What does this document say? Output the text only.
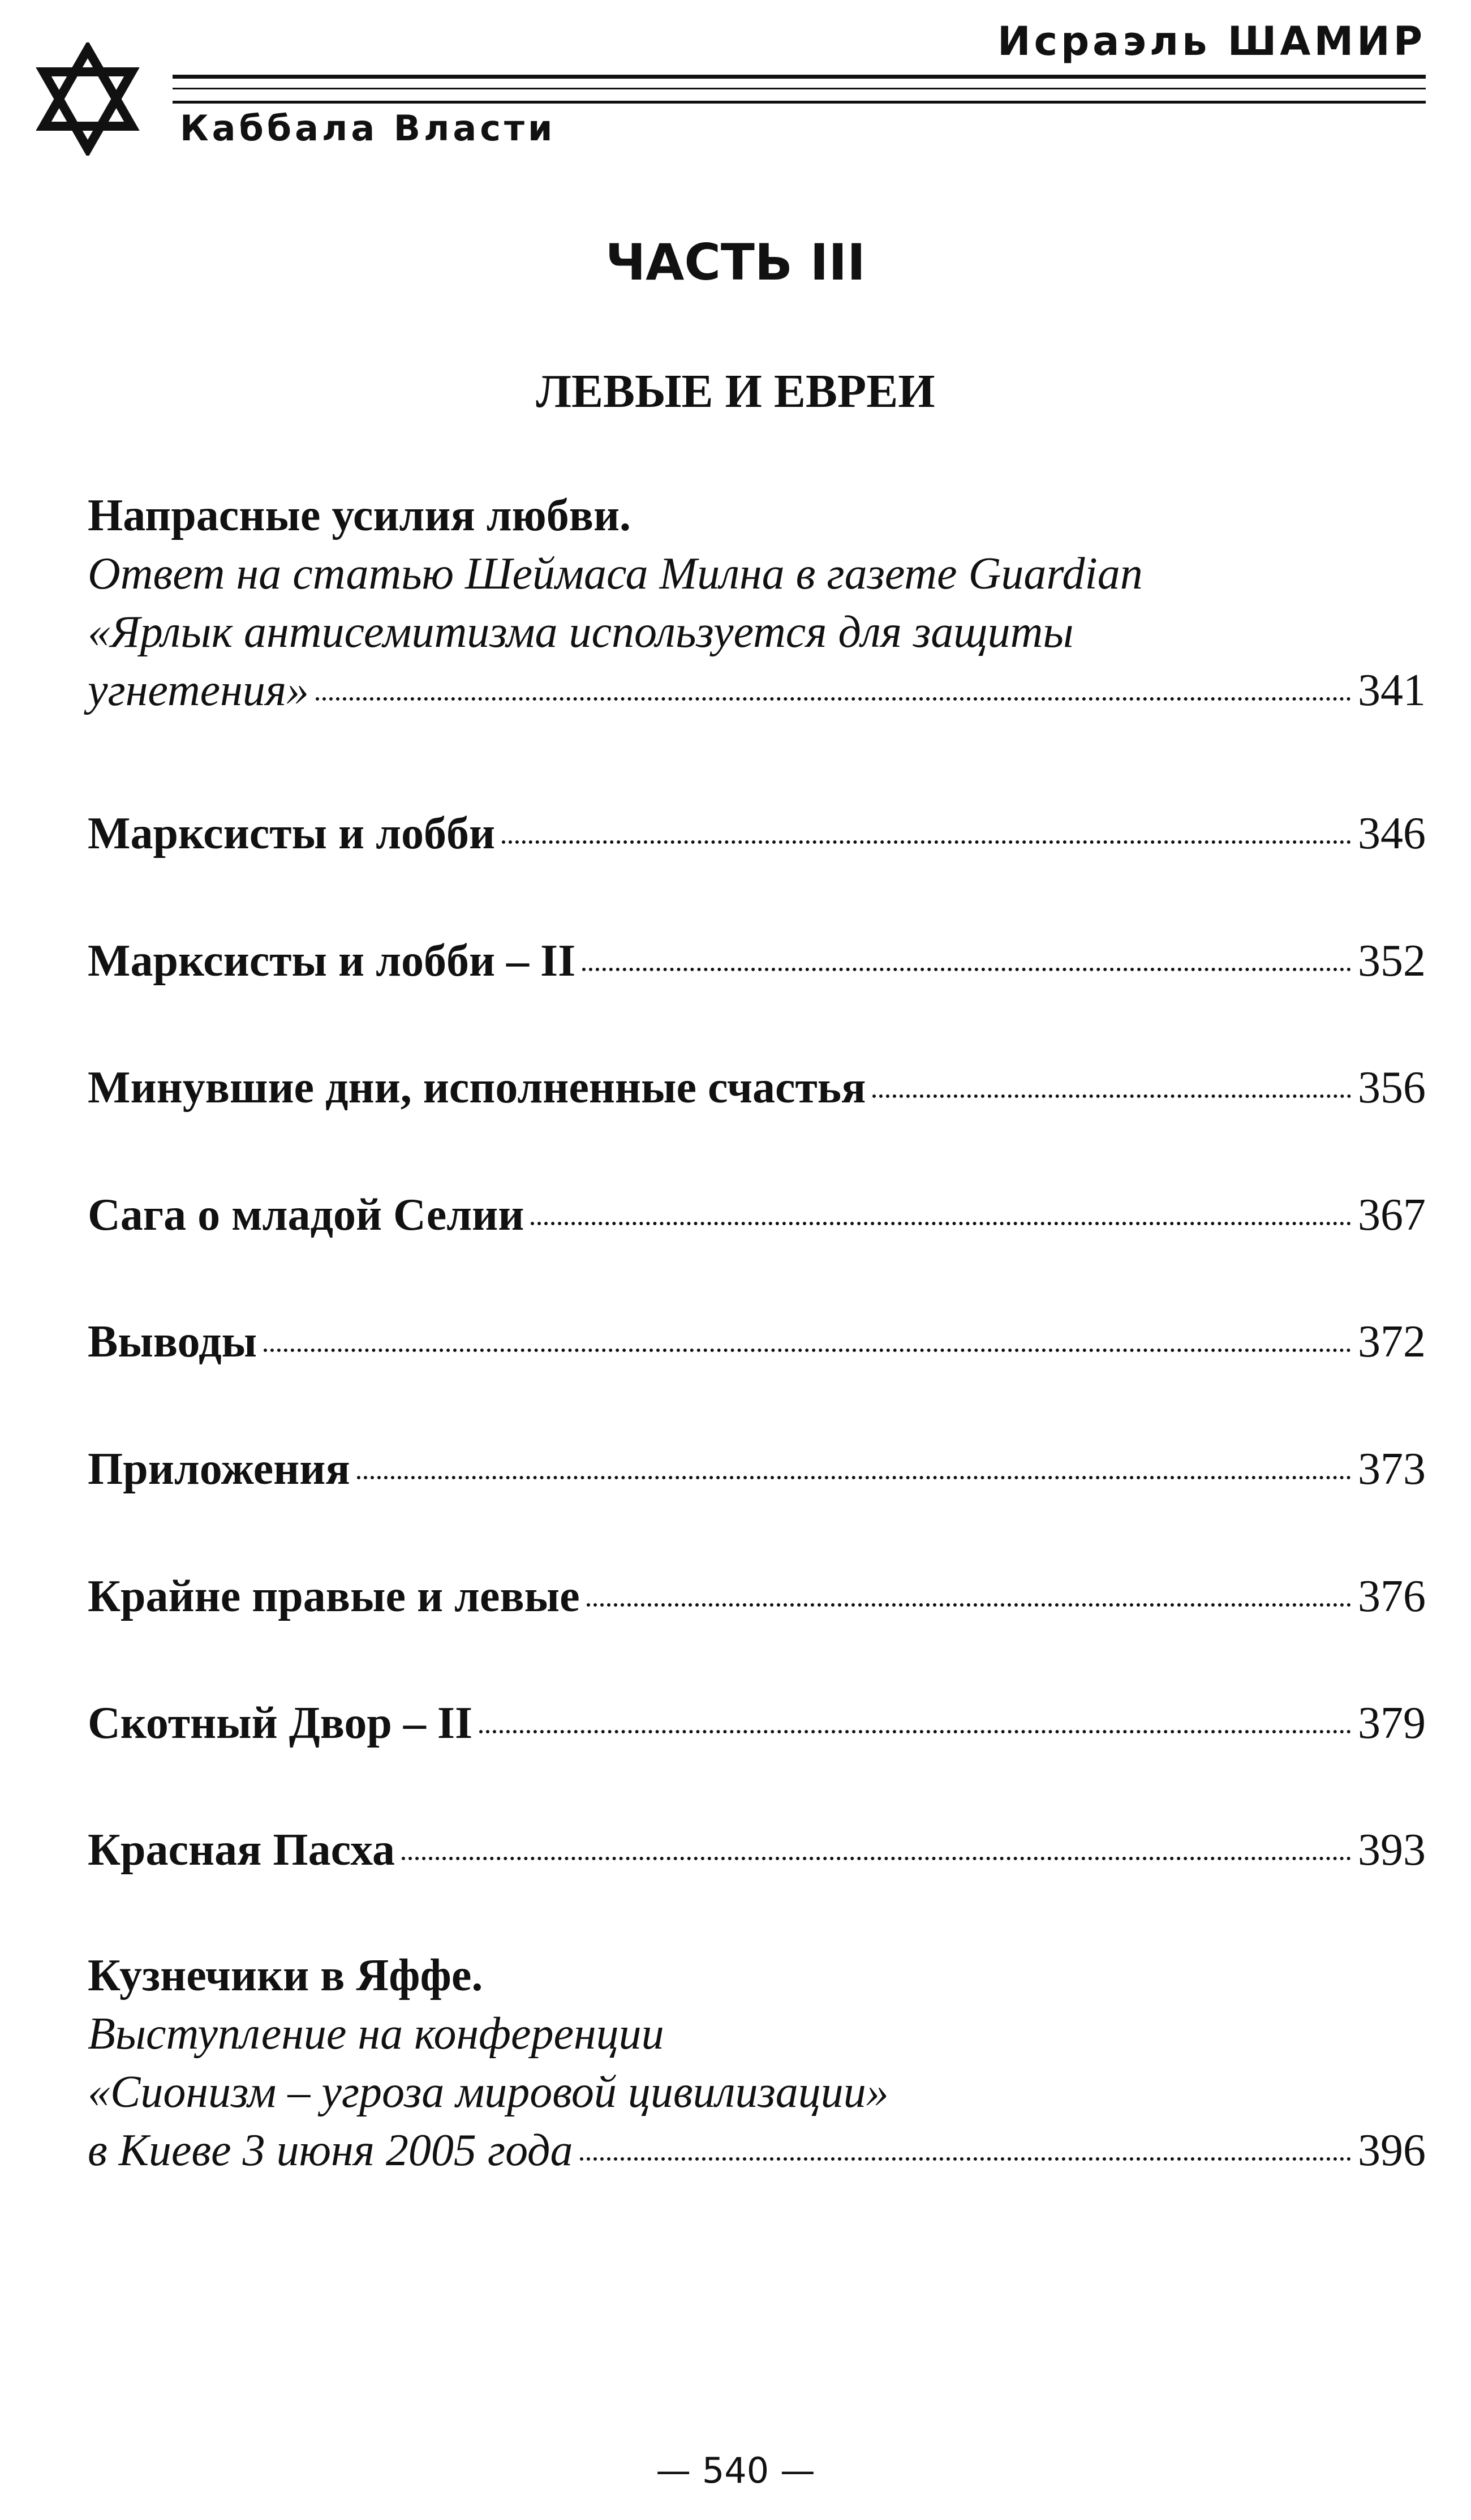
Исраэль ШАМИР
Каббала Власти
ЧАСТЬ III
ЛЕВЫЕ И ЕВРЕИ
Напрасные усилия любви.
Ответ на статью Шеймаса Милна в газете Guardian
«Ярлык антисемитизма используется для защиты
угнетения»	341
Марксисты и лобби	346
Марксисты и лобби – II	352
Минувшие дни, исполненные счастья	356
Сага о младой Селии	367
Выводы	372
Приложения	373
Крайне правые и левые	376
Скотный Двор – II	379
Красная Пасха	393
Кузнечики в Яффе.
Выступление на конференции
«Сионизм – угроза мировой цивилизации»
в Киеве 3 июня 2005 года	396
— 540 —
